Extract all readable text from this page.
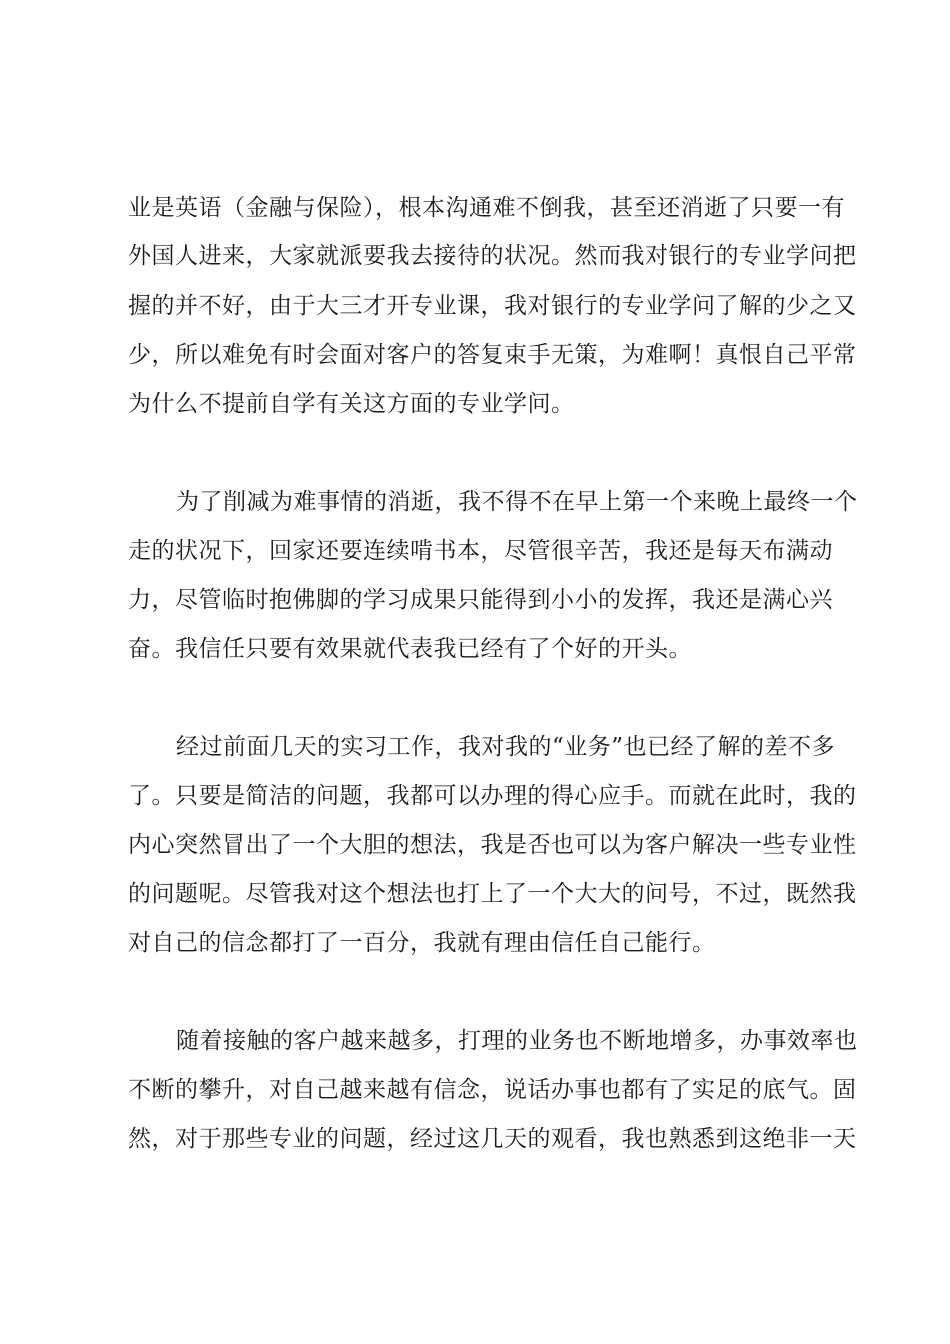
业是英语（金融与保险），根本沟通难不倒我，甚至还消逝了只要一有
外国人进来，大家就派要我去接待的状况。然而我对银行的专业学问把
握的并不好，由于大三才开专业课，我对银行的专业学问了解的少之又
少，所以难免有时会面对客户的答复束手无策，为难啊！真恨自己平常
为什么不提前自学有关这方面的专业学问。
为了削减为难事情的消逝，我不得不在早上第一个来晚上最终一个
走的状况下，回家还要连续啃书本，尽管很辛苦，我还是每天布满动
力，尽管临时抱佛脚的学习成果只能得到小小的发挥，我还是满心兴
奋。我信任只要有效果就代表我已经有了个好的开头。
经过前面几天的实习工作，我对我的“业务”也已经了解的差不多
了。只要是简洁的问题，我都可以办理的得心应手。而就在此时，我的
内心突然冒出了一个大胆的想法，我是否也可以为客户解决一些专业性
的问题呢。尽管我对这个想法也打上了一个大大的问号，不过，既然我
对自己的信念都打了一百分，我就有理由信任自己能行。
随着接触的客户越来越多，打理的业务也不断地增多，办事效率也
不断的攀升，对自己越来越有信念，说话办事也都有了实足的底气。固
然，对于那些专业的问题，经过这几天的观看，我也熟悉到这绝非一天
